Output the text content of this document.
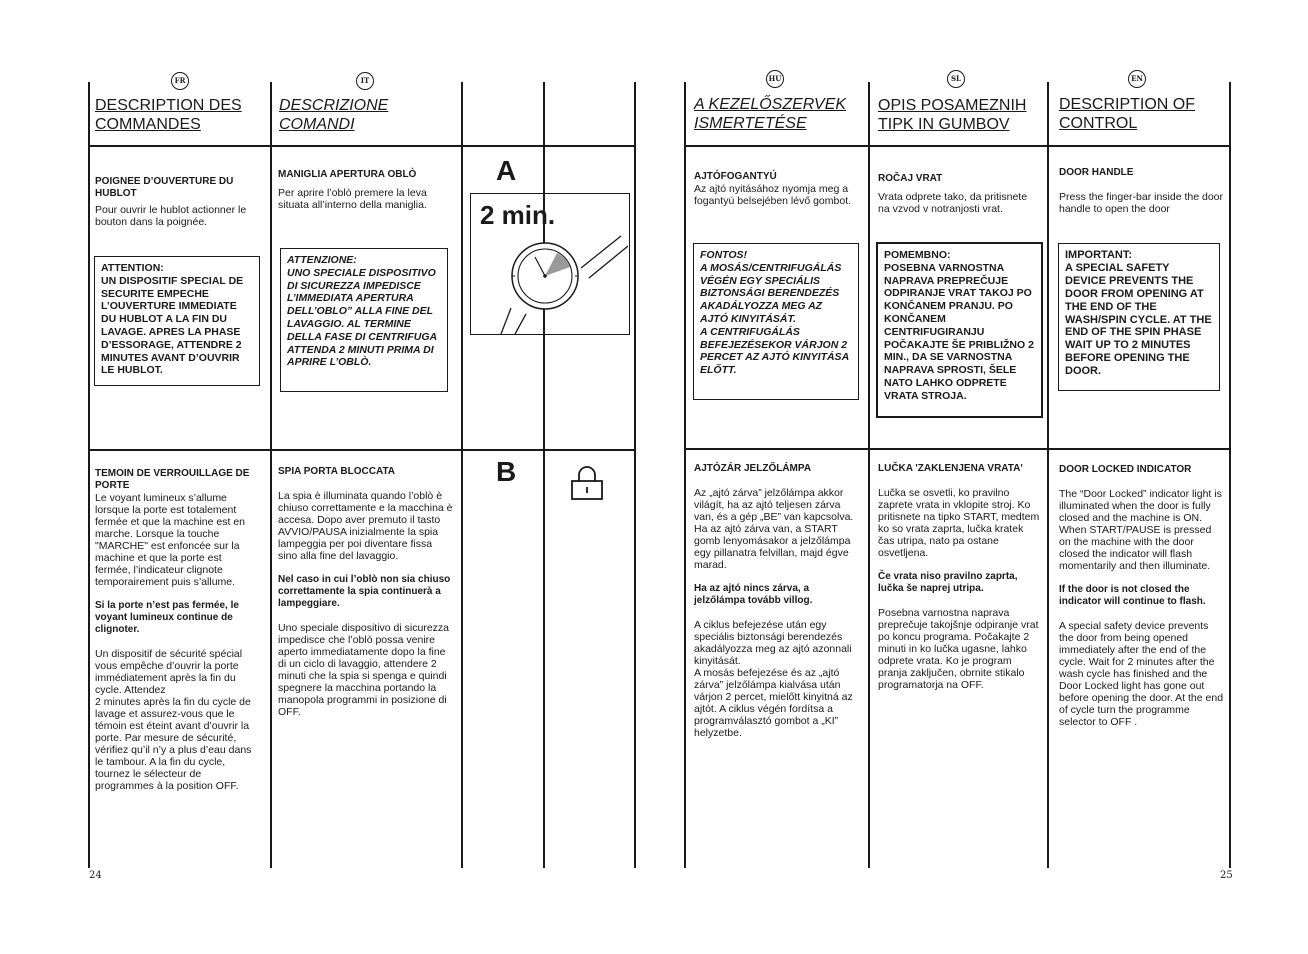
FR
DESCRIPTION DES COMMANDES

POIGNEE D’OUVERTURE DU HUBLOT

Pour ouvrir le hublot actionner le bouton dans la poignée.

ATTENTION:
UN DISPOSITIF SPECIAL DE SECURITE EMPECHE L’OUVERTURE IMMEDIATE DU HUBLOT A LA FIN DU LAVAGE. APRES LA PHASE D’ESSORAGE, ATTENDRE 2 MINUTES AVANT D’OUVRIR LE HUBLOT.

TEMOIN DE VERROUILLAGE DE PORTE

Le voyant lumineux s’allume lorsque la porte est totalement fermée et que la machine est en marche. Lorsque la touche "MARCHE" est enfoncée sur la machine et que la porte est fermée, l’indicateur clignote temporairement puis s’allume.

Si la porte n’est pas fermée, le voyant lumineux continue de clignoter.

Un dispositif de sécurité spécial vous empêche d’ouvrir la porte immédiatement après la fin du cycle. Attendez
2 minutes après la fin du cycle de lavage et assurez-vous que le témoin est éteint avant d’ouvrir la porte. Par mesure de sécurité, vérifiez qu’il n’y a plus d’eau dans le tambour. A la fin du cycle, tournez le sélecteur de programmes à la position OFF.

IT
DESCRIZIONE COMANDI

MANIGLIA APERTURA OBLÒ

Per aprire l’oblò premere la leva situata all’interno della maniglia.

ATTENZIONE:
UNO SPECIALE DISPOSITIVO DI SICUREZZA IMPEDISCE L’IMMEDIATA APERTURA DELL’OBLO” ALLA FINE DEL LAVAGGIO. AL TERMINE DELLA FASE DI CENTRIFUGA ATTENDA 2 MINUTI PRIMA DI APRIRE L’OBLÒ.

SPIA PORTA BLOCCATA

La spia è illuminata quando l’oblò è chiuso correttamente e la macchina è accesa. Dopo aver premuto il tasto AVVIO/PAUSA inizialmente la spia lampeggia per poi diventare fissa sino alla fine del lavaggio.

Nel caso in cui l’oblò non sia chiuso correttamente la spia continuerà a lampeggiare.

Uno speciale dispositivo di sicurezza impedisce che l’oblò possa venire aperto immediatamente dopo la fine di un ciclo di lavaggio, attendere 2 minuti che la spia si spenga e quindi spegnere la macchina portando la manopola programmi in posizione di OFF.

A
2 min.
B
24
HU
A KEZELŐSZERVEK ISMERTETÉSE

AJTÓFOGANTYÚ

Az ajtó nyitásához nyomja meg a fogantyú belsejében lévő gombot.

FONTOS!
A MOSÁS/CENTRIFUGÁLÁS VÉGÉN EGY SPECIÁLIS BIZTONSÁGI BERENDEZÉS AKADÁLYOZZA MEG AZ AJTÓ KINYITÁSÁT.
A CENTRIFUGÁLÁS BEFEJEZÉSEKOR VÁRJON 2 PERCET AZ AJTÓ KINYITÁSA ELŐTT.

AJTÓZÁR JELZŐLÁMPA

Az „ajtó zárva” jelzőlámpa akkor világít, ha az ajtó teljesen zárva van, és a gép „BE” van kapcsolva.
Ha az ajtó zárva van, a START gomb lenyomásakor a jelzőlámpa egy pillanatra felvillan, majd égve marad.

Ha az ajtó nincs zárva, a jelzőlámpa tovább villog.

A ciklus befejezése után egy speciális biztonsági berendezés akadályozza meg az ajtó azonnali kinyitását.
A mosás befejezése és az „ajtó zárva” jelzőlámpa kialvása után várjon 2 percet, mielőtt kinyitná az ajtót. A ciklus végén fordítsa a programválasztó gombot a „KI” helyzetbe.

SL
OPIS POSAMEZNIH TIPK IN GUMBOV

ROČAJ VRAT

Vrata odprete tako, da pritisnete na vzvod v notranjosti vrat.

POMEMBNO:
POSEBNA VARNOSTNA NAPRAVA PREPREČUJE ODPIRANJE VRAT TAKOJ PO KONČANEM PRANJU. PO KONČANEM CENTRIFUGIRANJU POČAKAJTE ŠE PRIBLIŽNO 2 MIN., DA SE VARNOSTNA NAPRAVA SPROSTI, ŠELE NATO LAHKO ODPRETE VRATA STROJA.

LUČKA 'ZAKLENJENA VRATA'

Lučka se osvetli, ko pravilno zaprete vrata in vklopite stroj. Ko pritisnete na tipko START, medtem ko so vrata zaprta, lučka kratek čas utripa, nato pa ostane osvetljena.

Če vrata niso pravilno zaprta, lučka še naprej utripa.

Posebna varnostna naprava preprečuje takojšnje odpiranje vrat po koncu programa. Počakajte 2 minuti in ko lučka ugasne, lahko odprete vrata. Ko je program pranja zaključen, obrnite stikalo programatorja na OFF.

EN
DESCRIPTION OF CONTROL

DOOR HANDLE

Press the finger-bar inside the door handle to open the door

IMPORTANT:
A SPECIAL SAFETY DEVICE PREVENTS THE DOOR FROM OPENING AT THE END OF THE WASH/SPIN CYCLE. AT THE END OF THE SPIN PHASE WAIT UP TO 2 MINUTES BEFORE OPENING THE DOOR.

DOOR LOCKED INDICATOR

The “Door Locked” indicator light is illuminated when the door is fully closed and the machine is ON.
When START/PAUSE is pressed on the machine with the door closed the indicator will flash momentarily and then illuminate.

If the door is not closed the indicator will continue to flash.

A special safety device prevents the door from being opened immediately after the end of the cycle. Wait for 2 minutes after the wash cycle has finished and the Door Locked light has gone out before opening the door. At the end of cycle turn the programme selector to OFF .

25
